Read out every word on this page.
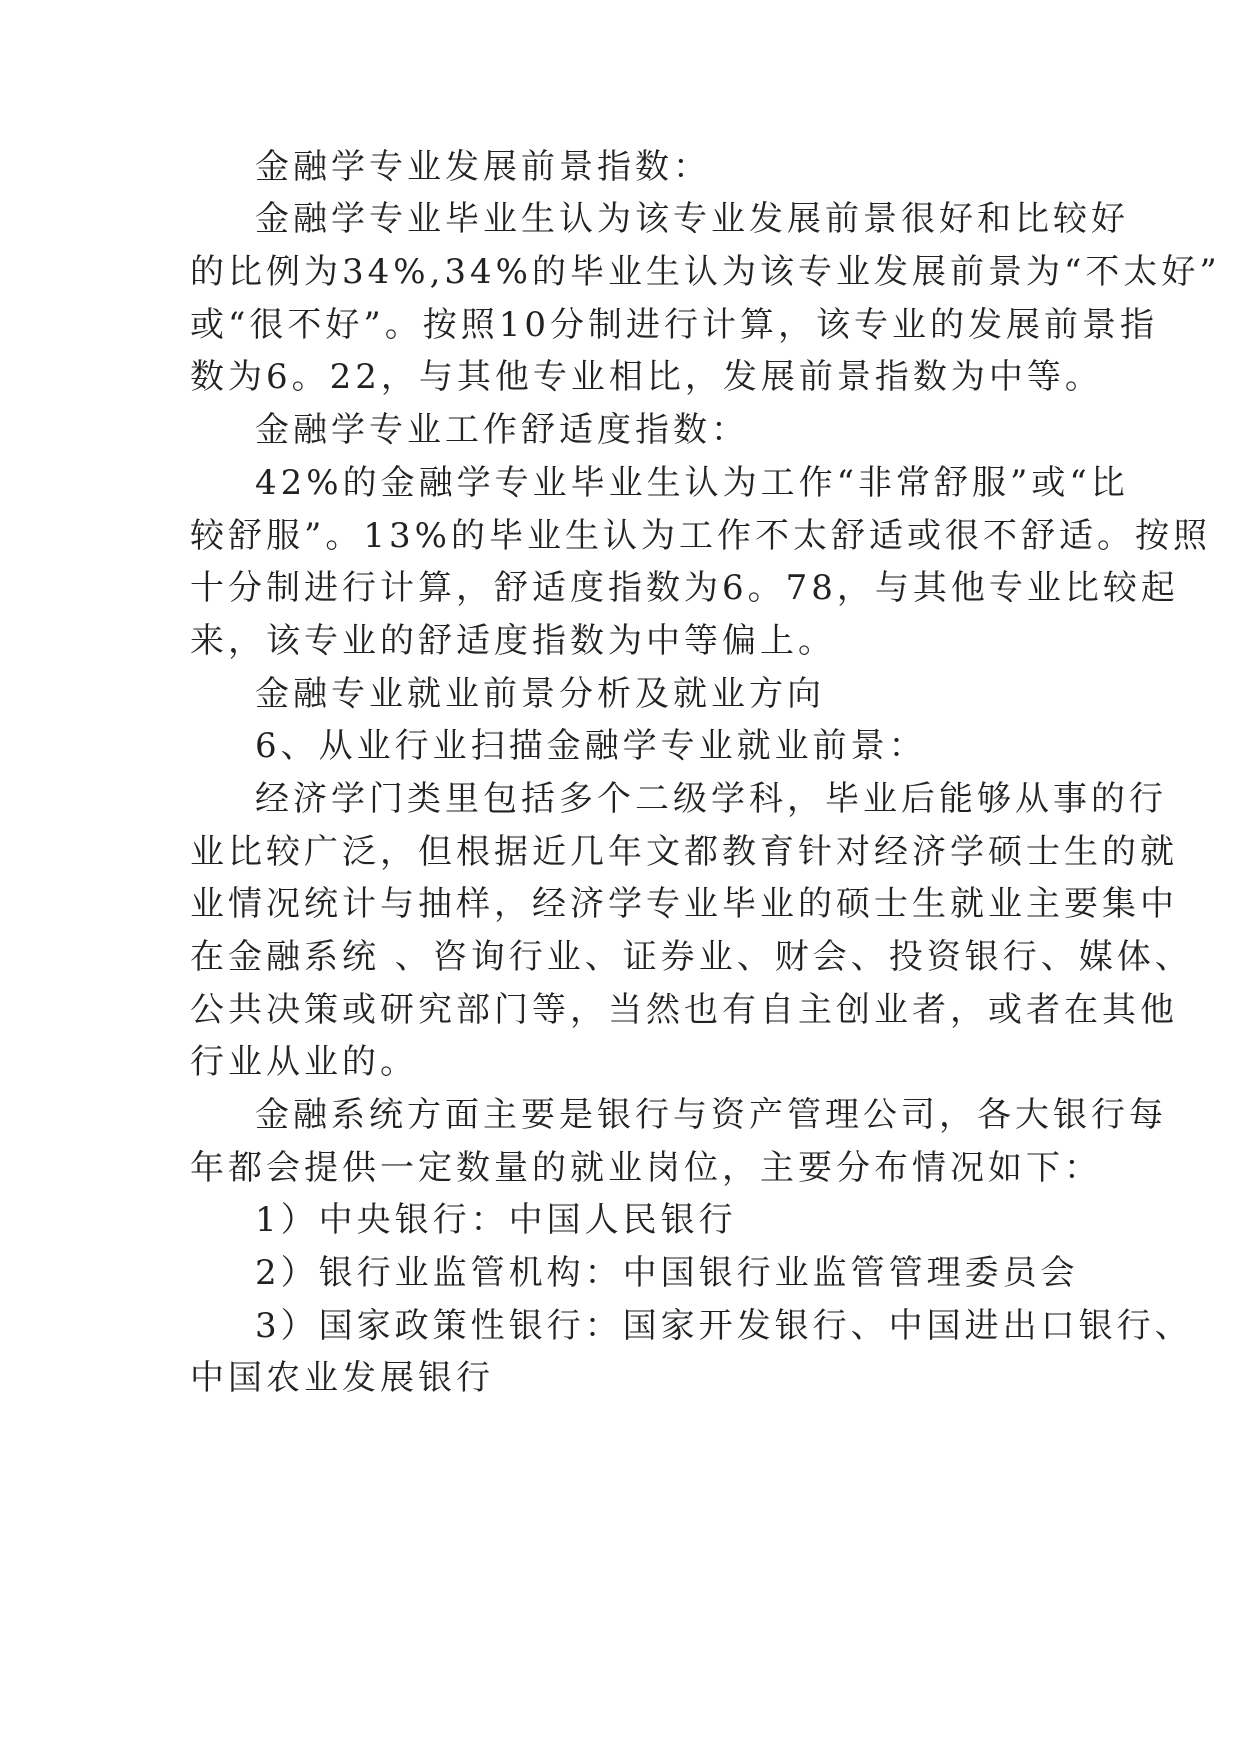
金融学专业发展前景指数：
金融学专业毕业生认为该专业发展前景很好和比较好
的比例为34%,34%的毕业生认为该专业发展前景为“不太好”
或“很不好”。按照10分制进行计算，该专业的发展前景指
数为6。22，与其他专业相比，发展前景指数为中等。
金融学专业工作舒适度指数：
42%的金融学专业毕业生认为工作“非常舒服”或“比
较舒服”。13%的毕业生认为工作不太舒适或很不舒适。按照
十分制进行计算，舒适度指数为6。78，与其他专业比较起
来，该专业的舒适度指数为中等偏上。
金融专业就业前景分析及就业方向
6、从业行业扫描金融学专业就业前景：
经济学门类里包括多个二级学科，毕业后能够从事的行
业比较广泛，但根据近几年文都教育针对经济学硕士生的就
业情况统计与抽样，经济学专业毕业的硕士生就业主要集中
在金融系统 、咨询行业、证券业、财会、投资银行、媒体、
公共决策或研究部门等，当然也有自主创业者，或者在其他
行业从业的。
金融系统方面主要是银行与资产管理公司，各大银行每
年都会提供一定数量的就业岗位，主要分布情况如下：
1）中央银行：中国人民银行
2）银行业监管机构：中国银行业监管管理委员会
3）国家政策性银行：国家开发银行、中国进出口银行、
中国农业发展银行
